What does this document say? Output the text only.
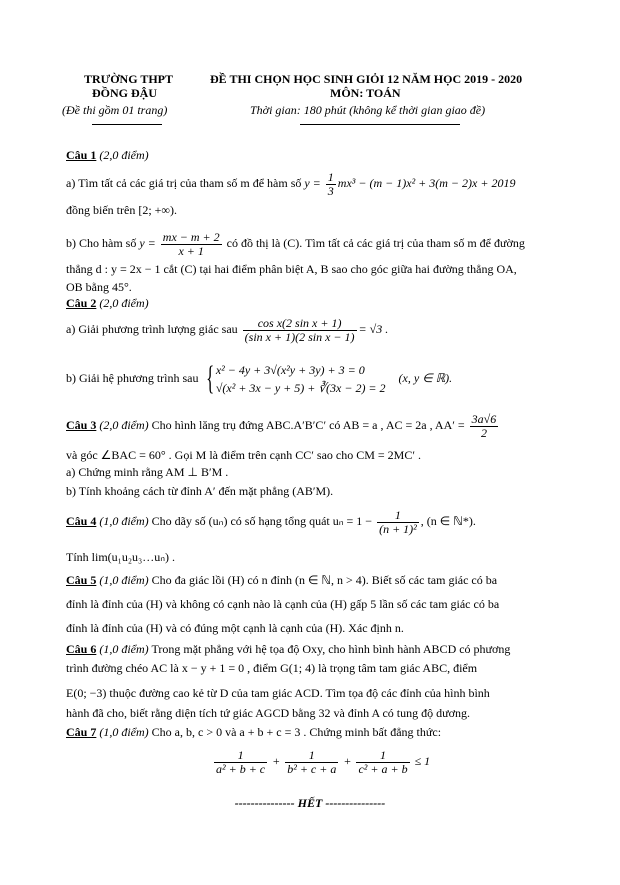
TRƯỜNG THPT
ĐỒNG ĐẬU
(Đề thi gồm 01 trang)
ĐỀ THI CHỌN HỌC SINH GIỎI 12 NĂM HỌC 2019 - 2020
MÔN: TOÁN
Thời gian: 180 phút (không kể thời gian giao đề)
Câu 1 (2,0 điểm)
a) Tìm tất cả các giá trị của tham số m để hàm số $y = \frac{1}{3} mx^3 - (m - 1)x^2 + 3(m - 2)x + 2019$
đồng biến trên [2; +∞).
b) Cho hàm số $y = \frac{mx - m + 2}{x + 1}$ có đồ thị là (C). Tìm tất cả các giá trị của tham số m để đường
thẳng d : y = 2x − 1 cắt (C) tại hai điểm phân biệt A, B sao cho góc giữa hai đường thẳng OA,
OB bằng 45°.
Câu 2 (2,0 điểm)
a) Giải phương trình lượng giác sau $\frac{\text{cos x(2 sin x + 1)}}{\text{(sin x + 1)(2 sin x − 1)}} = √3$ .
b) Giải hệ phương trình sau { x² − 4y + 3√(x²y + 3y) + 3 = 0
√(x² + 3x − y + 5) + ∛(3x − 2) = 2
(x, y ∈ ℝ).
Câu 3 (2,0 điểm) Cho hình lăng trụ đứng ABC.A′B′C′ có AB = a , AC = 2a , $AA' = \frac{3a√6}{2}$
và góc ∠BAC = 60° . Gọi M là điểm trên cạnh CC′ sao cho CM = 2MC′ .
a) Chứng minh rằng AM ⊥ B′M .
b) Tính khoảng cách từ đỉnh A′ đến mặt phẳng (AB′M).
Câu 4 (1,0 điểm) Cho dãy số (uₙ) có số hạng tổng quát $u_n = 1 - \frac{1}{\text{(n + 1)²}}$ , (n ∈ ℕ*).
Tính lim(u₁u₂u₃…uₙ) .
Câu 5 (1,0 điểm) Cho đa giác lồi (H) có n đỉnh (n ∈ ℕ, n > 4). Biết số các tam giác có ba
đỉnh là đỉnh của (H) và không có cạnh nào là cạnh của (H) gấp 5 lần số các tam giác có ba
đỉnh là đỉnh của (H) và có đúng một cạnh là cạnh của (H). Xác định n.
Câu 6 (1,0 điểm) Trong mặt phẳng với hệ tọa độ Oxy, cho hình bình hành ABCD có phương
trình đường chéo AC là x − y + 1 = 0 , điểm G(1; 4) là trọng tâm tam giác ABC, điểm
E(0; −3) thuộc đường cao kẻ từ D của tam giác ACD. Tìm tọa độ các đỉnh của hình bình
hành đã cho, biết rằng diện tích tứ giác AGCD bằng 32 và đỉnh A có tung độ dương.
Câu 7 (1,0 điểm) Cho a, b, c > 0 và a + b + c = 3 . Chứng minh bất đẳng thức:
$\frac{1}{\text{a² + b + c}} + \frac{1}{\text{b² + c + a}} + \frac{1}{\text{c² + a + b}} \le 1$
--------------- HẾT ---------------
